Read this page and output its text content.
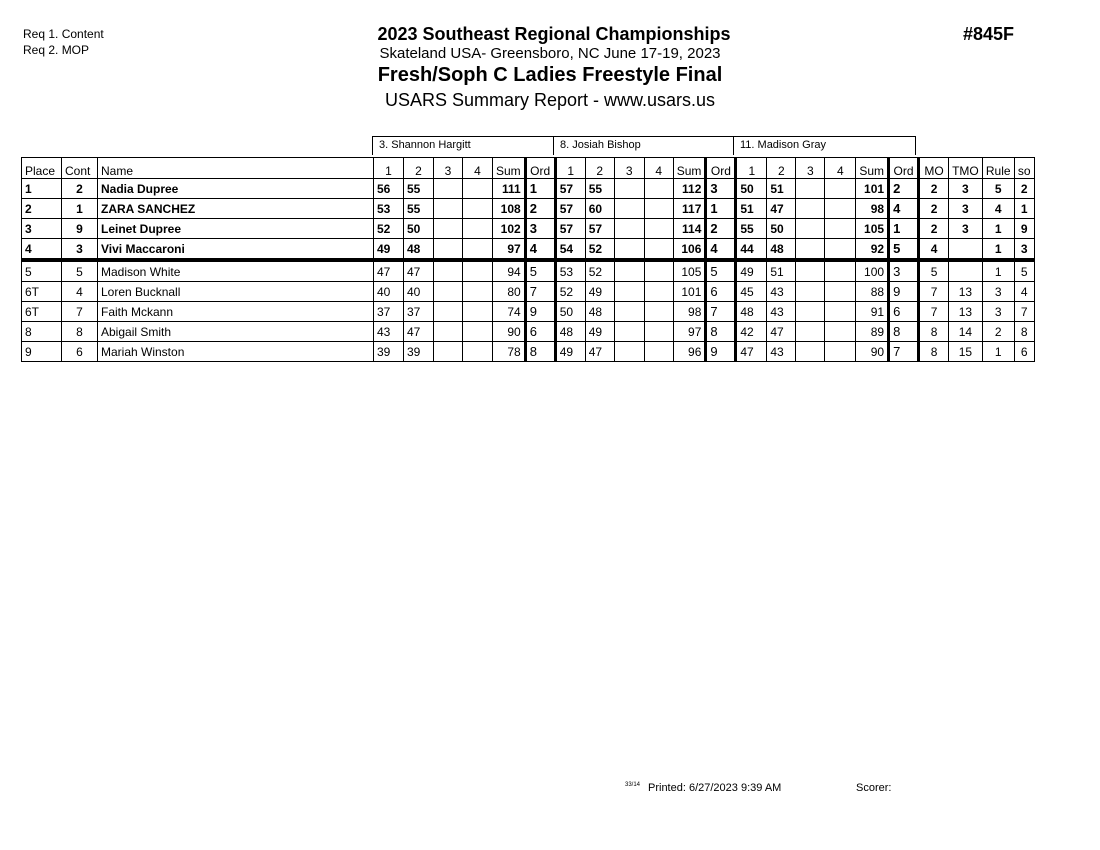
Req 1. Content
Req 2. MOP
#845F
2023 Southeast Regional Championships
Skateland USA- Greensboro, NC June 17-19, 2023
Fresh/Soph C Ladies Freestyle Final
USARS Summary Report - www.usars.us
3. Shannon Hargitt	8. Josiah Bishop	11. Madison Gray
Place	Cont	Name	1	2	3	4	Sum	Ord	1	2	3	4	Sum	Ord	1	2	3	4	Sum	Ord	MO	TMO	Rule	so
1	2	Nadia Dupree	56	55			111	1	57	55			112	3	50	51			101	2	2	3	5	2
2	1	ZARA SANCHEZ	53	55			108	2	57	60			117	1	51	47			98	4	2	3	4	1
3	9	Leinet Dupree	52	50			102	3	57	57			114	2	55	50			105	1	2	3	1	9
4	3	Vivi Maccaroni	49	48			97	4	54	52			106	4	44	48			92	5	4		1	3
5	5	Madison White	47	47			94	5	53	52			105	5	49	51			100	3	5		1	5
6T	4	Loren Bucknall	40	40			80	7	52	49			101	6	45	43			88	9	7	13	3	4
6T	7	Faith Mckann	37	37			74	9	50	48			98	7	48	43			91	6	7	13	3	7
8	8	Abigail Smith	43	47			90	6	48	49			97	8	42	47			89	8	8	14	2	8
9	6	Mariah Winston	39	39			78	8	49	47			96	9	47	43			90	7	8	15	1	6
33/14 Printed: 6/27/2023 9:39 AM	Scorer:
